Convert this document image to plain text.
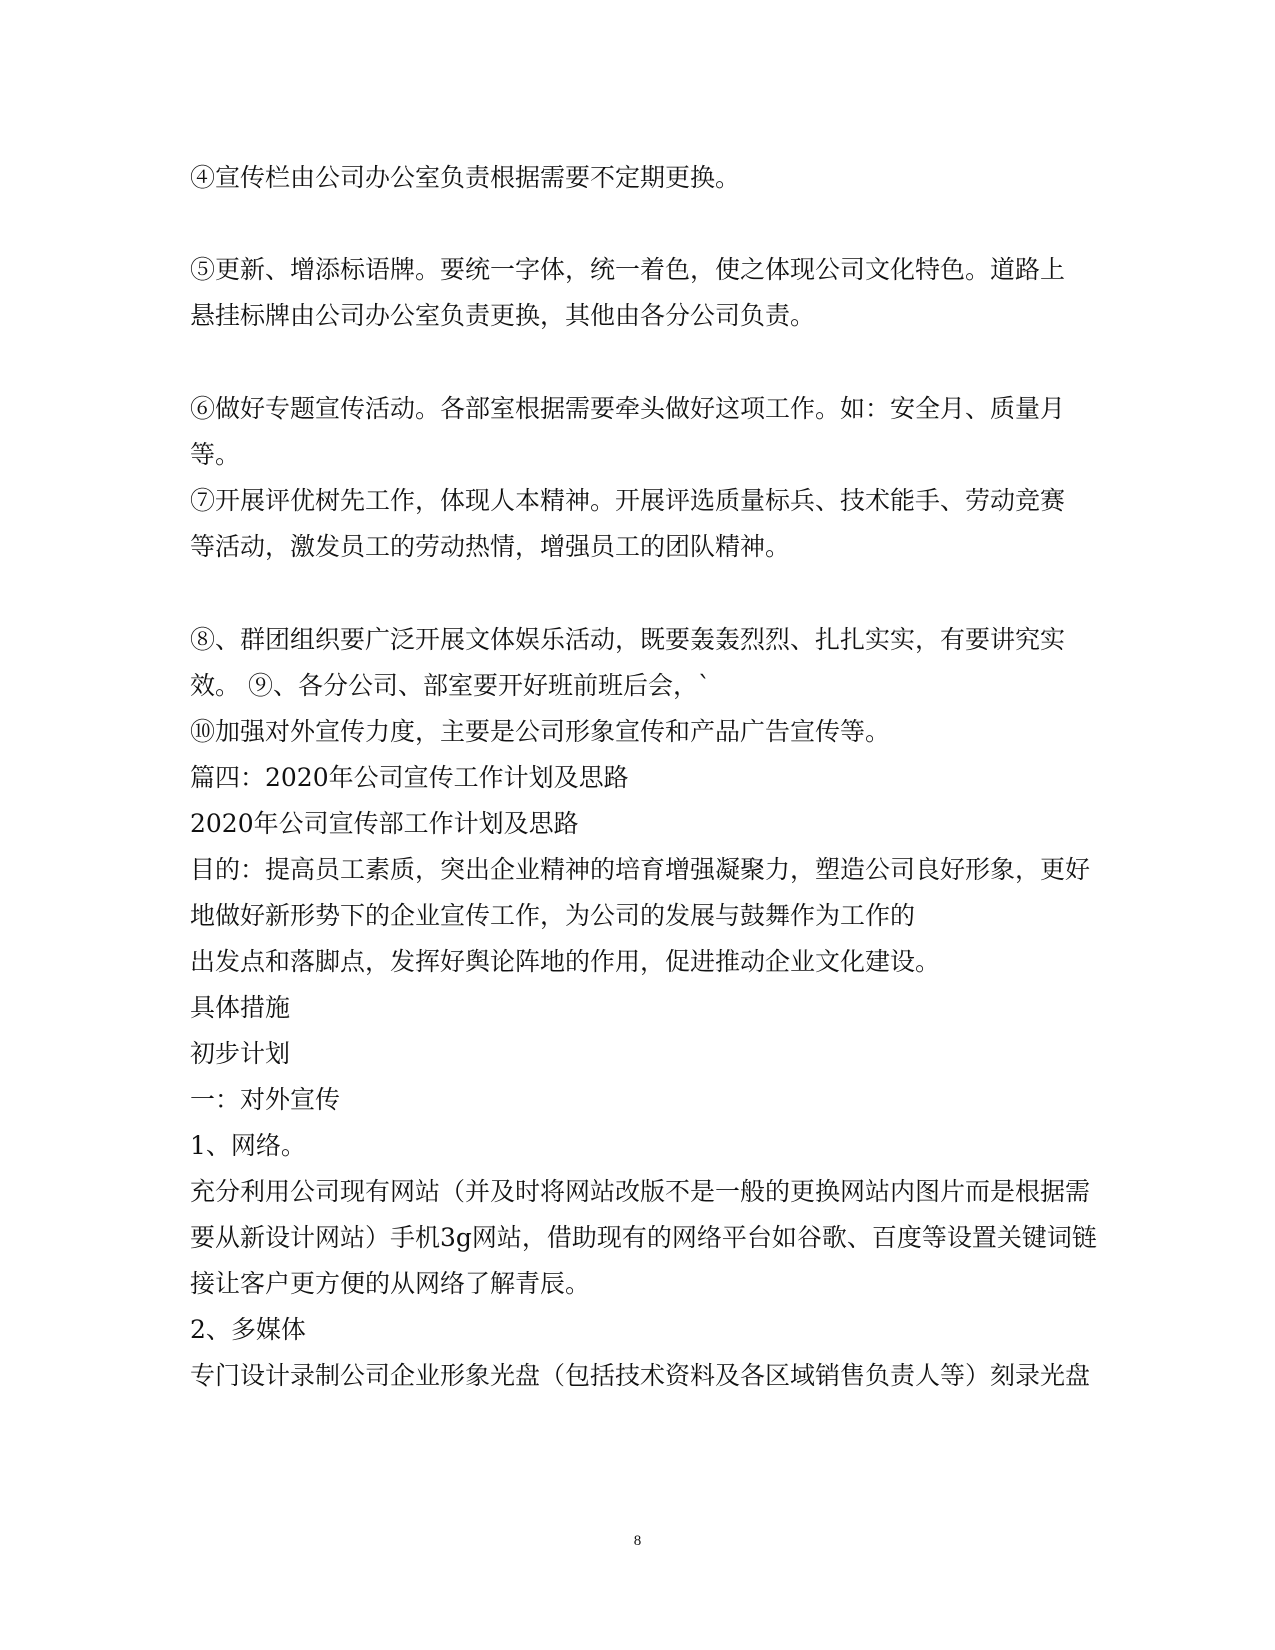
④宣传栏由公司办公室负责根据需要不定期更换。
⑤更新、增添标语牌。要统一字体，统一着色，使之体现公司文化特色。道路上
悬挂标牌由公司办公室负责更换，其他由各分公司负责。
⑥做好专题宣传活动。各部室根据需要牵头做好这项工作。如：安全月、质量月
等。
⑦开展评优树先工作，体现人本精神。开展评选质量标兵、技术能手、劳动竞赛
等活动，激发员工的劳动热情，增强员工的团队精神。
⑧、群团组织要广泛开展文体娱乐活动，既要轰轰烈烈、扎扎实实，有要讲究实
效。 ⑨、各分公司、部室要开好班前班后会，`
⑩加强对外宣传力度，主要是公司形象宣传和产品广告宣传等。
篇四：2020年公司宣传工作计划及思路
2020年公司宣传部工作计划及思路
目的：提高员工素质，突出企业精神的培育增强凝聚力，塑造公司良好形象，更好
地做好新形势下的企业宣传工作，为公司的发展与鼓舞作为工作的
出发点和落脚点，发挥好舆论阵地的作用，促进推动企业文化建设。
具体措施
初步计划
一：对外宣传
1、网络。
充分利用公司现有网站（并及时将网站改版不是一般的更换网站内图片而是根据需
要从新设计网站）手机3g网站，借助现有的网络平台如谷歌、百度等设置关键词链
接让客户更方便的从网络了解青辰。
2、多媒体
专门设计录制公司企业形象光盘（包括技术资料及各区域销售负责人等）刻录光盘
8
